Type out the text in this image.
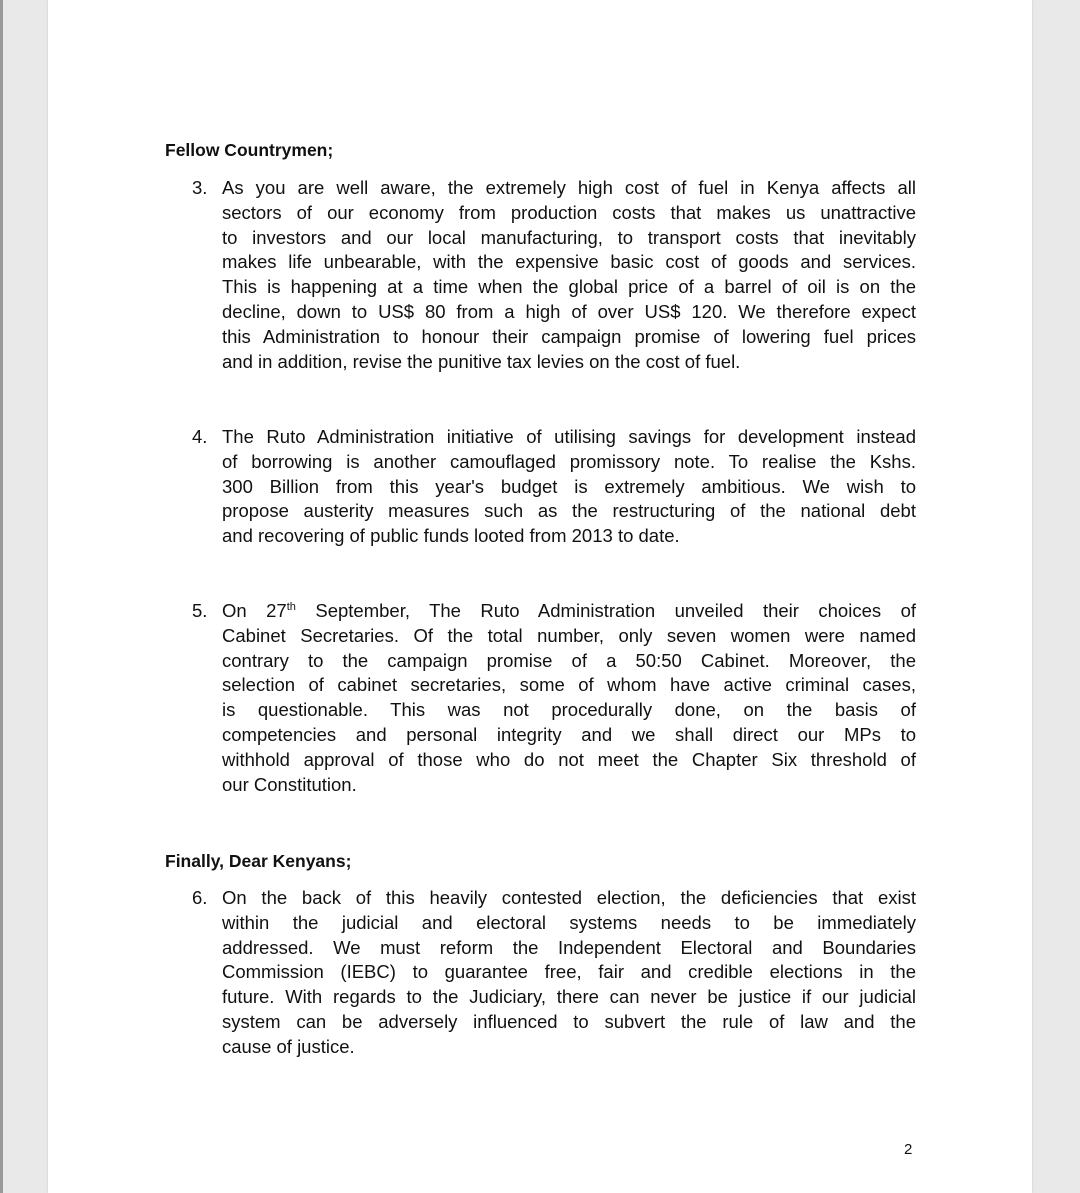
Fellow Countrymen;
3. As you are well aware, the extremely high cost of fuel in Kenya affects all
sectors of our economy from production costs that makes us unattractive
to investors and our local manufacturing, to transport costs that inevitably
makes life unbearable, with the expensive basic cost of goods and services.
This is happening at a time when the global price of a barrel of oil is on the
decline, down to US$ 80 from a high of over US$ 120. We therefore expect
this Administration to honour their campaign promise of lowering fuel prices
and in addition, revise the punitive tax levies on the cost of fuel.
4. The Ruto Administration initiative of utilising savings for development instead
of borrowing is another camouflaged promissory note. To realise the Kshs.
300 Billion from this year's budget is extremely ambitious. We wish to
propose austerity measures such as the restructuring of the national debt
and recovering of public funds looted from 2013 to date.
5. On 27th September, The Ruto Administration unveiled their choices of
Cabinet Secretaries. Of the total number, only seven women were named
contrary to the campaign promise of a 50:50 Cabinet. Moreover, the
selection of cabinet secretaries, some of whom have active criminal cases,
is questionable. This was not procedurally done, on the basis of
competencies and personal integrity and we shall direct our MPs to
withhold approval of those who do not meet the Chapter Six threshold of
our Constitution.
Finally, Dear Kenyans;
6. On the back of this heavily contested election, the deficiencies that exist
within the judicial and electoral systems needs to be immediately
addressed. We must reform the Independent Electoral and Boundaries
Commission (IEBC) to guarantee free, fair and credible elections in the
future. With regards to the Judiciary, there can never be justice if our judicial
system can be adversely influenced to subvert the rule of law and the
cause of justice.
2
